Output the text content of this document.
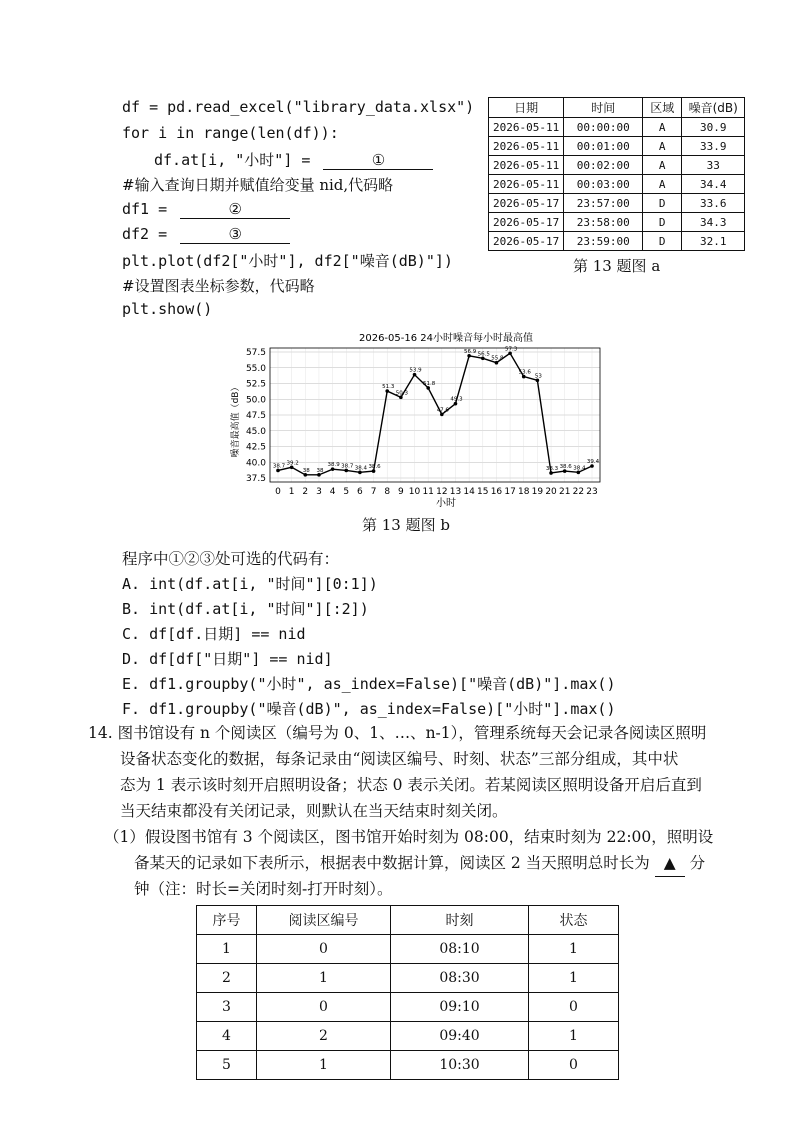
df = pd.read_excel("library_data.xlsx")
for i in range(len(df)):
df.at[i, "小时"] =	①
#输入查询日期并赋值给变量 nid,代码略
df1 =	②
df2 =	③
plt.plot(df2["小时"], df2["噪音(dB)"])
#设置图表坐标参数，代码略
plt.show()
日期	时间	区域	噪音(dB)
2026-05-11	00:00:00	A	30.9
2026-05-11	00:01:00	A	33.9
2026-05-11	00:02:00	A	33
2026-05-11	00:03:00	A	34.4
2026-05-17	23:57:00	D	33.6
2026-05-17	23:58:00	D	34.3
2026-05-17	23:59:00	D	32.1
第 13 题图 a
2026-05-16 24小时噪音每小时最高值
噪音最高值（dB）
小时
37.5
40.0
42.5
45.0
47.5
50.0
52.5
55.0
57.5
0 1 2 3 4 5 6 7 8 9 10 11 12 13 14 15 16 17 18 19 20 21 22 23
38.7
39.2
38 38
38.9 38.7 38.4 38.6
51.3
50.3
53.9
51.8
47.6
49.3
56.9 56.5
55.8
57.3
53.6
53
38.3 38.6 38.4
39.4
第 13 题图 b
程序中①②③处可选的代码有：
A. int(df.at[i, "时间"][0:1])
B. int(df.at[i, "时间"][:2])
C. df[df.日期] == nid
D. df[df["日期"] == nid]
E. df1.groupby("小时", as_index=False)["噪音(dB)"].max()
F. df1.groupby("噪音(dB)", as_index=False)["小时"].max()
14. 图书馆设有 n 个阅读区（编号为 0、1、…、n-1），管理系统每天会记录各阅读区照明
设备状态变化的数据，每条记录由“阅读区编号、时刻、状态”三部分组成，其中状
态为 1 表示该时刻开启照明设备；状态 0 表示关闭。若某阅读区照明设备开启后直到
当天结束都没有关闭记录，则默认在当天结束时刻关闭。
（1）假设图书馆有 3 个阅读区，图书馆开始时刻为 08:00，结束时刻为 22:00，照明设
备某天的记录如下表所示，根据表中数据计算，阅读区 2 当天照明总时长为 ▲ 分
钟（注：时长=关闭时刻-打开时刻）。
序号	阅读区编号	时刻	状态
1	0	08:10	1
2	1	08:30	1
3	0	09:10	0
4	2	09:40	1
5	1	10:30	0
